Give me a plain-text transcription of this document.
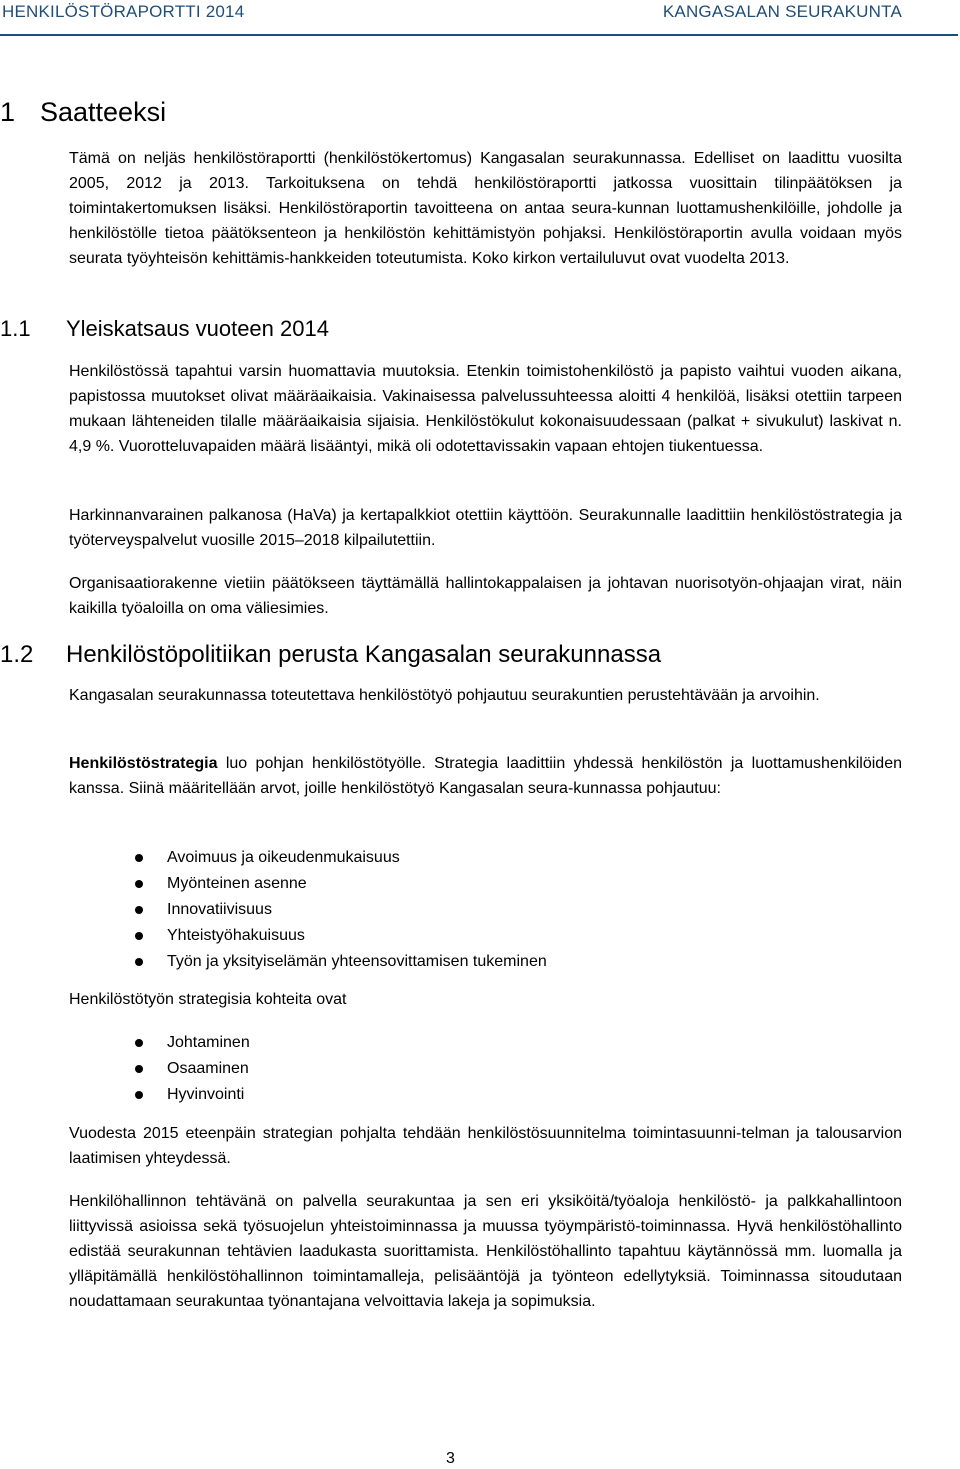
HENKILÖSTÖRAPORTTI 2014	KANGASALAN SEURAKUNTA
1 Saatteeksi

Tämä on neljäs henkilöstöraportti (henkilöstökertomus) Kangasalan seurakunnassa. Edelliset on laadittu vuosilta 2005, 2012 ja 2013. Tarkoituksena on tehdä henkilöstöraportti jatkossa vuosittain tilinpäätöksen ja toimintakertomuksen lisäksi. Henkilöstöraportin tavoitteena on antaa seura-kunnan luottamushenkilöille, johdolle ja henkilöstölle tietoa päätöksenteon ja henkilöstön kehittämistyön pohjaksi. Henkilöstöraportin avulla voidaan myös seurata työyhteisön kehittämis-hankkeiden toteutumista. Koko kirkon vertailuluvut ovat vuodelta 2013.

1.1 Yleiskatsaus vuoteen 2014

Henkilöstössä tapahtui varsin huomattavia muutoksia. Etenkin toimistohenkilöstö ja papisto vaihtui vuoden aikana, papistossa muutokset olivat määräaikaisia. Vakinaisessa palvelussuhteessa aloitti 4 henkilöä, lisäksi otettiin tarpeen mukaan lähteneiden tilalle määräaikaisia sijaisia. Henkilöstökulut kokonaisuudessaan (palkat + sivukulut) laskivat n. 4,9 %. Vuorotteluvapaiden määrä lisääntyi, mikä oli odotettavissakin vapaan ehtojen tiukentuessa.

Harkinnanvarainen palkanosa (HaVa) ja kertapalkkiot otettiin käyttöön. Seurakunnalle laadittiin henkilöstöstrategia ja työterveyspalvelut vuosille 2015–2018 kilpailutettiin.

Organisaatiorakenne vietiin päätökseen täyttämällä hallintokappalaisen ja johtavan nuorisotyön-ohjaajan virat, näin kaikilla työaloilla on oma väliesimies.

1.2 Henkilöstöpolitiikan perusta Kangasalan seurakunnassa

Kangasalan seurakunnassa toteutettava henkilöstötyö pohjautuu seurakuntien perustehtävään ja arvoihin.

Henkilöstöstrategia luo pohjan henkilöstötyölle. Strategia laadittiin yhdessä henkilöstön ja luottamushenkilöiden kanssa. Siinä määritellään arvot, joille henkilöstötyö Kangasalan seura-kunnassa pohjautuu:

Avoimuus ja oikeudenmukaisuus
Myönteinen asenne
Innovatiivisuus
Yhteistyöhakuisuus
Työn ja yksityiselämän yhteensovittamisen tukeminen

Henkilöstötyön strategisia kohteita ovat

Johtaminen
Osaaminen
Hyvinvointi

Vuodesta 2015 eteenpäin strategian pohjalta tehdään henkilöstösuunnitelma toimintasuunni-telman ja talousarvion laatimisen yhteydessä.

Henkilöhallinnon tehtävänä on palvella seurakuntaa ja sen eri yksiköitä/työaloja henkilöstö- ja palkkahallintoon liittyvissä asioissa sekä työsuojelun yhteistoiminnassa ja muussa työympäristö-toiminnassa. Hyvä henkilöstöhallinto edistää seurakunnan tehtävien laadukasta suorittamista. Henkilöstöhallinto tapahtuu käytännössä mm. luomalla ja ylläpitämällä henkilöstöhallinnon toimintamalleja, pelisääntöjä ja työnteon edellytyksiä. Toiminnassa sitoudutaan noudattamaan seurakuntaa työnantajana velvoittavia lakeja ja sopimuksia.

3
